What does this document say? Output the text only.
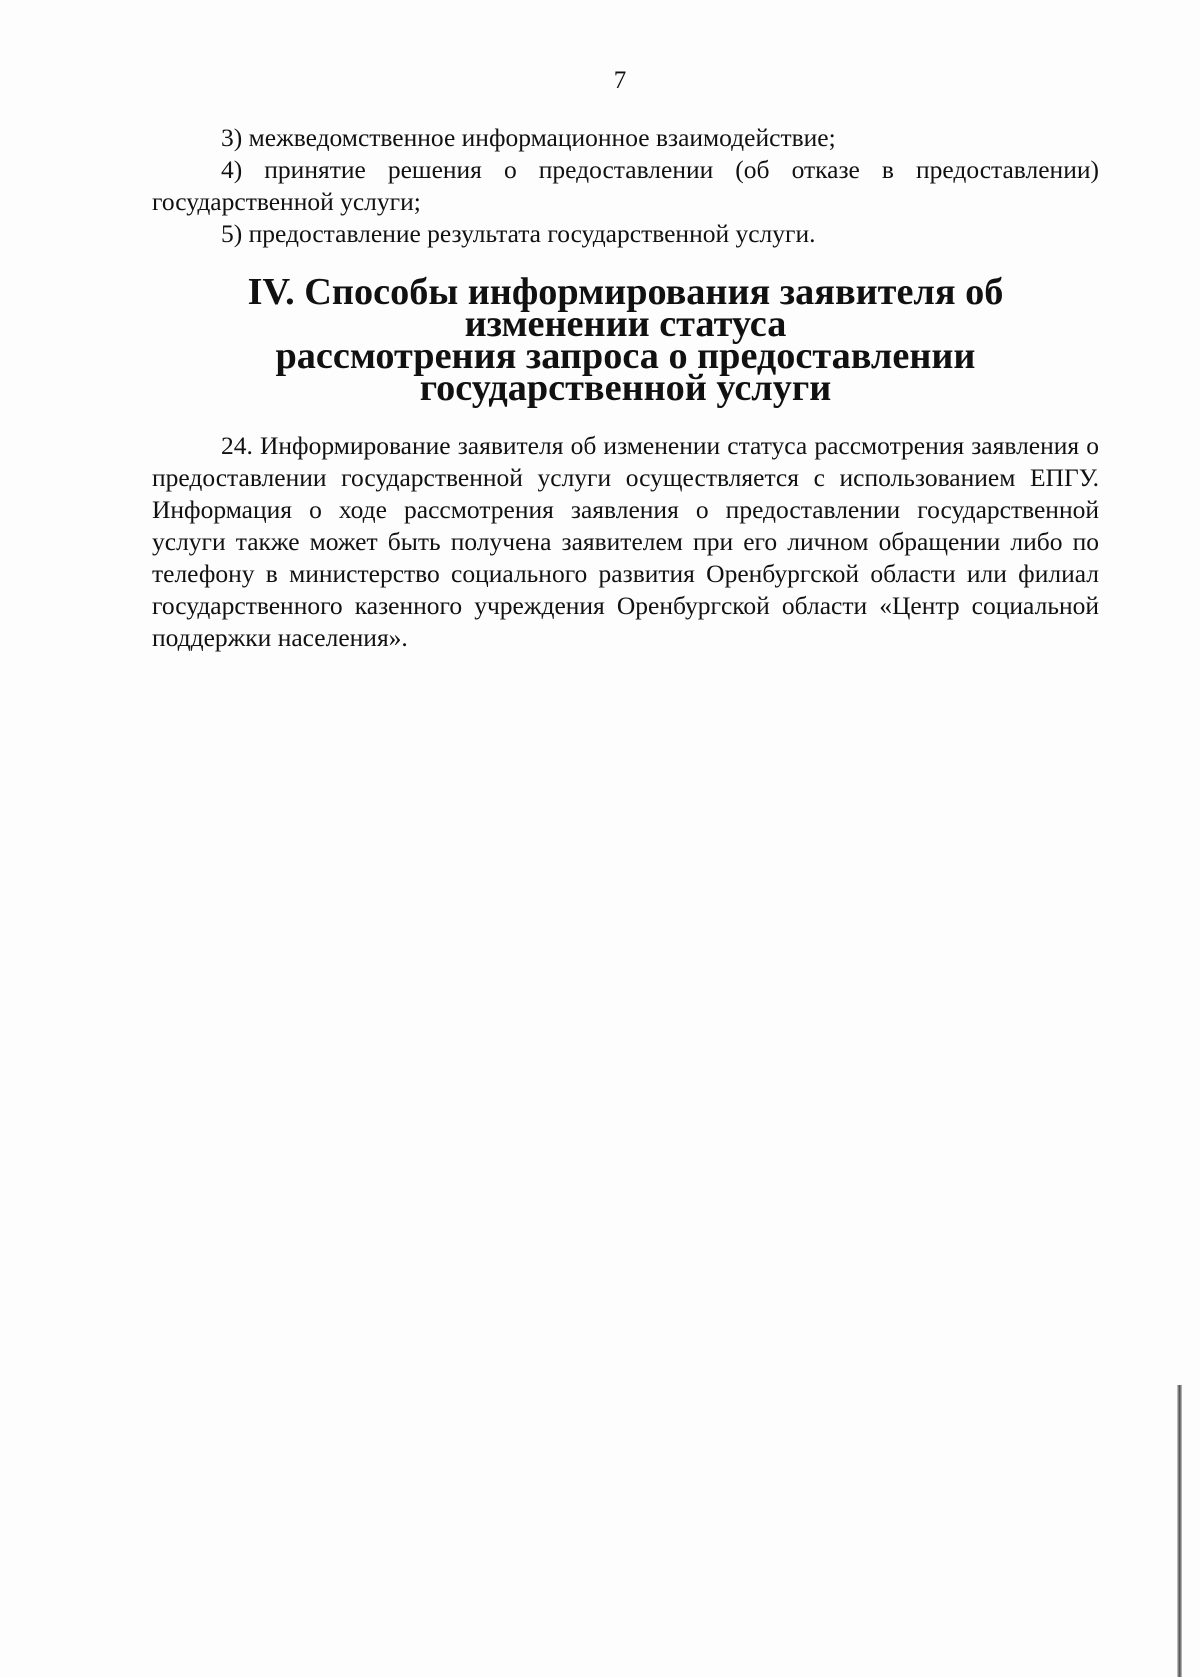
7

3) межведомственное информационное взаимодействие;

4) принятие решения о предоставлении (об отказе в предоставлении) государственной услуги;

5) предоставление результата государственной услуги.

IV. Способы информирования заявителя об изменении статуса
рассмотрения запроса о предоставлении государственной услуги

24. Информирование заявителя об изменении статуса рассмотрения заявления о предоставлении государственной услуги осуществляется с использованием ЕПГУ. Информация о ходе рассмотрения заявления о предоставлении государственной услуги также может быть получена заявителем при его личном обращении либо по телефону в министерство социального развития Оренбургской области или филиал государственного казенного учреждения Оренбургской области «Центр социальной поддержки населения».
